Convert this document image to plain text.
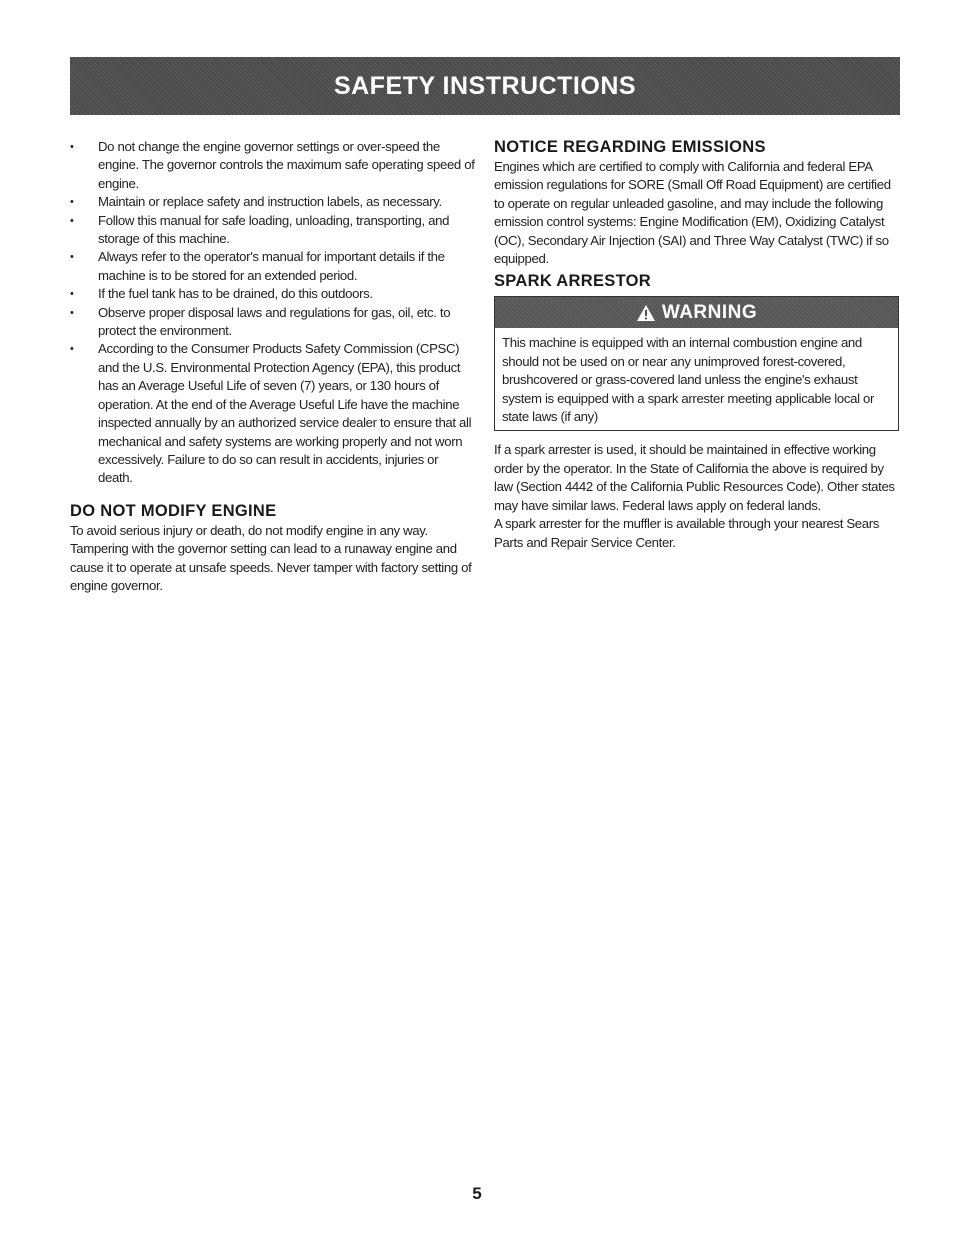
SAFETY INSTRUCTIONS
• Do not change the engine governor settings or over-speed the engine. The governor controls the maximum safe operating speed of engine.
• Maintain or replace safety and instruction labels, as necessary.
• Follow this manual for safe loading, unloading, transporting, and storage of this machine.
• Always refer to the operator's manual for important details if the machine is to be stored for an extended period.
• If the fuel tank has to be drained, do this outdoors.
• Observe proper disposal laws and regulations for gas, oil, etc. to protect the environment.
• According to the Consumer Products Safety Commission (CPSC) and the U.S. Environmental Protection Agency (EPA), this product has an Average Useful Life of seven (7) years, or 130 hours of operation. At the end of the Average Useful Life have the machine inspected annually by an authorized service dealer to ensure that all mechanical and safety systems are working properly and not worn excessively. Failure to do so can result in accidents, injuries or death.
DO NOT MODIFY ENGINE

To avoid serious injury or death, do not modify engine in any way. Tampering with the governor setting can lead to a runaway engine and cause it to operate at unsafe speeds. Never tamper with factory setting of engine governor.

NOTICE REGARDING EMISSIONS

Engines which are certified to comply with California and federal EPA emission regulations for SORE (Small Off Road Equipment) are certified to operate on regular unleaded gasoline, and may include the following emission control systems: Engine Modification (EM), Oxidizing Catalyst (OC), Secondary Air Injection (SAI) and Three Way Catalyst (TWC) if so equipped.

SPARK ARRESTOR
WARNING
This machine is equipped with an internal combustion engine and should not be used on or near any unimproved forest-covered, brushcovered or grass-covered land unless the engine's exhaust system is equipped with a spark arrester meeting applicable local or state laws (if any)

If a spark arrester is used, it should be maintained in effective working order by the operator. In the State of California the above is required by law (Section 4442 of the California Public Resources Code). Other states may have similar laws. Federal laws apply on federal lands.

A spark arrester for the muffler is available through your nearest Sears Parts and Repair Service Center.

5
